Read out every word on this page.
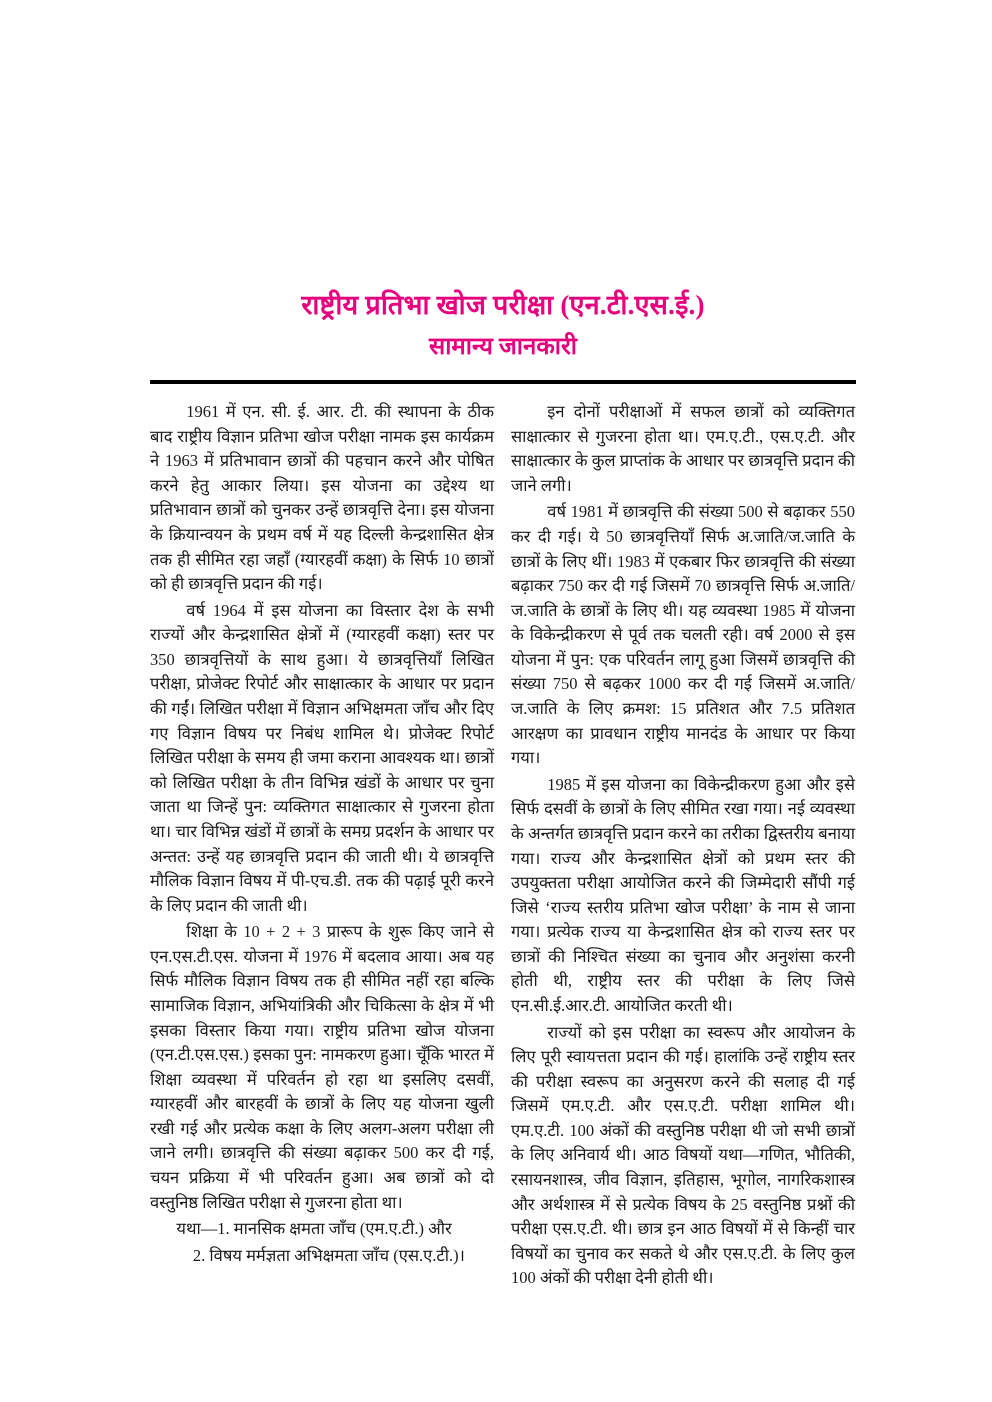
राष्ट्रीय प्रतिभा खोज परीक्षा (एन.टी.एस.ई.)
सामान्य जानकारी

1961 में एन. सी. ई. आर. टी. की स्थापना के ठीक बाद राष्ट्रीय विज्ञान प्रतिभा खोज परीक्षा नामक इस कार्यक्रम ने 1963 में प्रतिभावान छात्रों की पहचान करने और पोषित करने हेतु आकार लिया। इस योजना का उद्देश्य था प्रतिभावान छात्रों को चुनकर उन्हें छात्रवृत्ति देना। इस योजना के क्रियान्वयन के प्रथम वर्ष में यह दिल्ली केन्द्रशासित क्षेत्र तक ही सीमित रहा जहाँ (ग्यारहवीं कक्षा) के सिर्फ 10 छात्रों को ही छात्रवृत्ति प्रदान की गई।

वर्ष 1964 में इस योजना का विस्तार देश के सभी राज्यों और केन्द्रशासित क्षेत्रों में (ग्यारहवीं कक्षा) स्तर पर 350 छात्रवृत्तियों के साथ हुआ। ये छात्रवृत्तियाँ लिखित परीक्षा, प्रोजेक्ट रिपोर्ट और साक्षात्कार के आधार पर प्रदान की गईं। लिखित परीक्षा में विज्ञान अभिक्षमता जाँच और दिए गए विज्ञान विषय पर निबंध शामिल थे। प्रोजेक्ट रिपोर्ट लिखित परीक्षा के समय ही जमा कराना आवश्यक था। छात्रों को लिखित परीक्षा के तीन विभिन्न खंडों के आधार पर चुना जाता था जिन्हें पुन: व्यक्तिगत साक्षात्कार से गुजरना होता था। चार विभिन्न खंडों में छात्रों के समग्र प्रदर्शन के आधार पर अन्तत: उन्हें यह छात्रवृत्ति प्रदान की जाती थी। ये छात्रवृत्ति मौलिक विज्ञान विषय में पी-एच.डी. तक की पढ़ाई पूरी करने के लिए प्रदान की जाती थी।

शिक्षा के 10 + 2 + 3 प्रारूप के शुरू किए जाने से एन.एस.टी.एस. योजना में 1976 में बदलाव आया। अब यह सिर्फ मौलिक विज्ञान विषय तक ही सीमित नहीं रहा बल्कि सामाजिक विज्ञान, अभियांत्रिकी और चिकित्सा के क्षेत्र में भी इसका विस्तार किया गया। राष्ट्रीय प्रतिभा खोज योजना (एन.टी.एस.एस.) इसका पुन: नामकरण हुआ। चूँकि भारत में शिक्षा व्यवस्था में परिवर्तन हो रहा था इसलिए दसवीं, ग्यारहवीं और बारहवीं के छात्रों के लिए यह योजना खुली रखी गई और प्रत्येक कक्षा के लिए अलग-अलग परीक्षा ली जाने लगी। छात्रवृत्ति की संख्या बढ़ाकर 500 कर दी गई, चयन प्रक्रिया में भी परिवर्तन हुआ। अब छात्रों को दो वस्तुनिष्ठ लिखित परीक्षा से गुजरना होता था।

यथा—1. मानसिक क्षमता जाँच (एम.ए.टी.) और

2. विषय मर्मज्ञता अभिक्षमता जाँच (एस.ए.टी.)।

इन दोनों परीक्षाओं में सफल छात्रों को व्यक्तिगत साक्षात्कार से गुजरना होता था। एम.ए.टी., एस.ए.टी. और साक्षात्कार के कुल प्राप्तांक के आधार पर छात्रवृत्ति प्रदान की जाने लगी।

वर्ष 1981 में छात्रवृत्ति की संख्या 500 से बढ़ाकर 550 कर दी गई। ये 50 छात्रवृत्तियाँ सिर्फ अ.जाति/ज.जाति के छात्रों के लिए थीं। 1983 में एकबार फिर छात्रवृत्ति की संख्या बढ़ाकर 750 कर दी गई जिसमें 70 छात्रवृत्ति सिर्फ अ.जाति/ज.जाति के छात्रों के लिए थी। यह व्यवस्था 1985 में योजना के विकेन्द्रीकरण से पूर्व तक चलती रही। वर्ष 2000 से इस योजना में पुन: एक परिवर्तन लागू हुआ जिसमें छात्रवृत्ति की संख्या 750 से बढ़कर 1000 कर दी गई जिसमें अ.जाति/ज.जाति के लिए क्रमश: 15 प्रतिशत और 7.5 प्रतिशत आरक्षण का प्रावधान राष्ट्रीय मानदंड के आधार पर किया गया।

1985 में इस योजना का विकेन्द्रीकरण हुआ और इसे सिर्फ दसवीं के छात्रों के लिए सीमित रखा गया। नई व्यवस्था के अन्तर्गत छात्रवृत्ति प्रदान करने का तरीका द्विस्तरीय बनाया गया। राज्य और केन्द्रशासित क्षेत्रों को प्रथम स्तर की उपयुक्तता परीक्षा आयोजित करने की जिम्मेदारी सौंपी गई जिसे ‘राज्य स्तरीय प्रतिभा खोज परीक्षा’ के नाम से जाना गया। प्रत्येक राज्य या केन्द्रशासित क्षेत्र को राज्य स्तर पर छात्रों की निश्चित संख्या का चुनाव और अनुशंसा करनी होती थी, राष्ट्रीय स्तर की परीक्षा के लिए जिसे एन.सी.ई.आर.टी. आयोजित करती थी।

राज्यों को इस परीक्षा का स्वरूप और आयोजन के लिए पूरी स्वायत्तता प्रदान की गई। हालांकि उन्हें राष्ट्रीय स्तर की परीक्षा स्वरूप का अनुसरण करने की सलाह दी गई जिसमें एम.ए.टी. और एस.ए.टी. परीक्षा शामिल थी। एम.ए.टी. 100 अंकों की वस्तुनिष्ठ परीक्षा थी जो सभी छात्रों के लिए अनिवार्य थी। आठ विषयों यथा—गणित, भौतिकी, रसायनशास्त्र, जीव विज्ञान, इतिहास, भूगोल, नागरिकशास्त्र और अर्थशास्त्र में से प्रत्येक विषय के 25 वस्तुनिष्ठ प्रश्नों की परीक्षा एस.ए.टी. थी। छात्र इन आठ विषयों में से किन्हीं चार विषयों का चुनाव कर सकते थे और एस.ए.टी. के लिए कुल 100 अंकों की परीक्षा देनी होती थी।
